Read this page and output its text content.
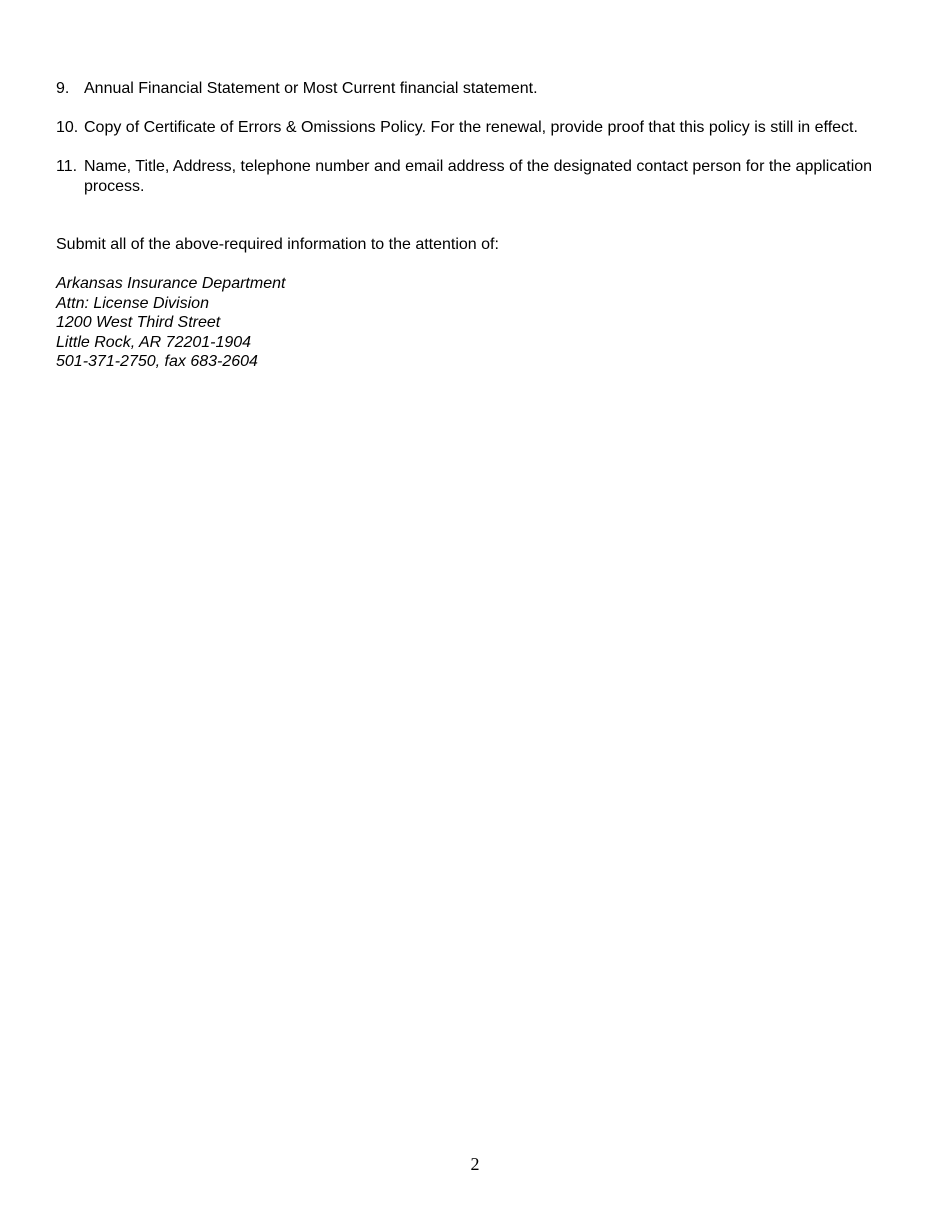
9. Annual Financial Statement or Most Current financial statement.
10. Copy of Certificate of Errors & Omissions Policy. For the renewal, provide proof that this policy is still in effect.
11. Name, Title, Address, telephone number and email address of the designated contact person for the application process.

Submit all of the above-required information to the attention of:

Arkansas Insurance Department
Attn: License Division
1200 West Third Street
Little Rock, AR 72201-1904
501-371-2750, fax 683-2604
2
